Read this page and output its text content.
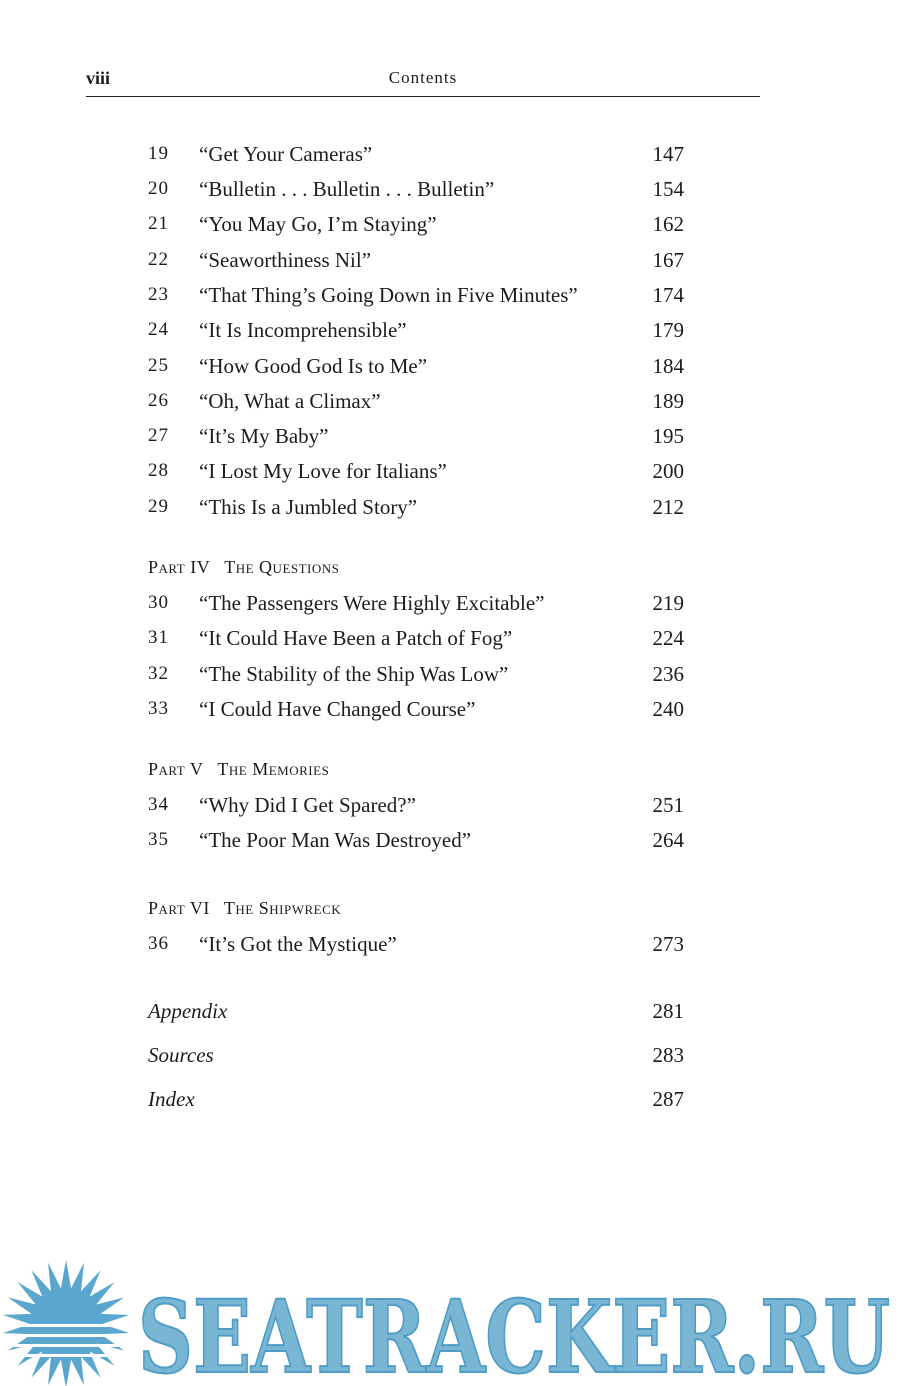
viii	Contents
19 “Get Your Cameras”	147
20 “Bulletin . . . Bulletin . . . Bulletin”	154
21 “You May Go, I’m Staying”	162
22 “Seaworthiness Nil”	167
23 “That Thing’s Going Down in Five Minutes”	174
24 “It Is Incomprehensible”	179
25 “How Good God Is to Me”	184
26 “Oh, What a Climax”	189
27 “It’s My Baby”	195
28 “I Lost My Love for Italians”	200
29 “This Is a Jumbled Story”	212
Part IV The Questions
30 “The Passengers Were Highly Excitable”	219
31 “It Could Have Been a Patch of Fog”	224
32 “The Stability of the Ship Was Low”	236
33 “I Could Have Changed Course”	240
Part V The Memories
34 “Why Did I Get Spared?”	251
35 “The Poor Man Was Destroyed”	264
Part VI The Shipwreck
36 “It’s Got the Mystique”	273
Appendix	281
Sources	283
Index	287
SEATRACKER.RU
